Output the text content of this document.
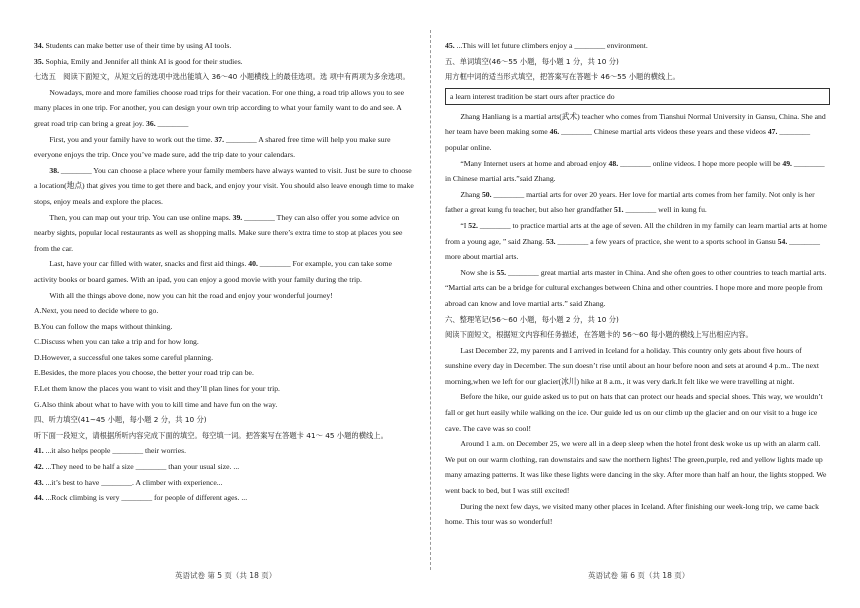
34. Students can make better use of their time by using AI tools.

35. Sophia, Emily and Jennifer all think AI is good for their studies.

七选五　阅读下面短文，从短文后的选项中选出能填入 36～40 小题横线上的最佳选项。选 项中有两项为多余选项。

Nowadays, more and more families choose road trips for their vacation. For one thing, a road trip allows you to see many places in one trip. For another, you can design your own trip according to what your family want to do and see. A great road trip can bring a great joy. 36. ________

First, you and your family have to work out the time. 37. ________ A shared free time will help you make sure everyone enjoys the trip. Once you’ve made sure, add the trip date to your calendars.

38. ________ You can choose a place where your family members have always wanted to visit. Just be sure to choose a location(地点) that gives you time to get there and back, and enjoy your visit. You should also leave enough time to make stops, enjoy meals and explore the places.

Then, you can map out your trip. You can use online maps. 39. ________ They can also offer you some advice on nearby sights, popular local restaurants as well as shopping malls. Make sure there’s extra time to stop at places you see from the car.

Last, have your car filled with water, snacks and first aid things. 40. ________ For example, you can take some activity books or board games. With an ipad, you can enjoy a good movie with your family during the trip.

With all the things above done, now you can hit the road and enjoy your wonderful journey!

A.Next, you need to decide where to go.

B.You can follow the maps without thinking.

C.Discuss when you can take a trip and for how long.

D.However, a successful one takes some careful planning.

E.Besides, the more places you choose, the better your road trip can be.

F.Let them know the places you want to visit and they’ll plan lines for your trip.

G.Also think about what to have with you to kill time and have fun on the way.

四、听力填空(41~45 小题，每小题 2 分，共 10 分)

听下面一段短文，请根据所听内容完成下面的填空。每空填一词。把答案写在答题卡 41～ 45 小题的横线上。

41. ...it also helps people ________ their worries.

42. ...They need to be half a size ________ than your usual size. ...

43. ...it’s best to have ________. A climber with experience...

44. ...Rock climbing is very ________ for people of different ages. ...

45. ...This will let future climbers enjoy a ________ environment.

五、单词填空(46～55 小题，每小题 1 分，共 10 分)

用方框中词的适当形式填空，把答案写在答题卡 46～55 小题的横线上。

a learn interest tradition be start ours after practice do

Zhang Hanliang is a martial arts(武术) teacher who comes from Tianshui Normal University in Gansu, China. She and her team have been making some 46. ________ Chinese martial arts videos these years and these videos 47. ________ popular online.

“Many Internet users at home and abroad enjoy 48. ________ online videos. I hope more people will be 49. ________ in Chinese martial arts.”said Zhang.

Zhang 50. ________ martial arts for over 20 years. Her love for martial arts comes from her family. Not only is her father a great kung fu teacher, but also her grandfather 51. ________ well in kung fu.

“I 52. ________ to practice martial arts at the age of seven. All the children in my family can learn martial arts at home from a young age, ” said Zhang. 53. ________ a few years of practice, she went to a sports school in Gansu 54. ________ more about martial arts.

Now she is 55. ________ great martial arts master in China. And she often goes to other countries to teach martial arts. “Martial arts can be a bridge for cultural exchanges between China and other countries. I hope more and more people from abroad can know and love martial arts.” said Zhang.

六、整理笔记(56～60 小题，每小题 2 分，共 10 分)

阅读下面短文，根据短文内容和任务描述，在答题卡的 56～60 每小题的横线上写出相应内容。

Last December 22, my parents and I arrived in Iceland for a holiday. This country only gets about five hours of sunshine every day in December. The sun doesn’t rise until about an hour before noon and sets at around 4 p.m.. The next morning,when we left for our glacier(冰川) hike at 8 a.m., it was very dark.It felt like we were travelling at night.

Before the hike, our guide asked us to put on hats that can protect our heads and special shoes. This way, we wouldn’t fall or get hurt easily while walking on the ice. Our guide led us on our climb up the glacier and on our visit to a huge ice cave. The cave was so cool!

Around 1 a.m. on December 25, we were all in a deep sleep when the hotel front desk woke us up with an alarm call. We put on our warm clothing, ran downstairs and saw the northern lights! The green,purple, red and yellow lights made up many amazing patterns. It was like these lights were dancing in the sky. After more than half an hour, the lights stopped. We went back to bed, but I was still excited!

During the next few days, we visited many other places in Iceland. After finishing our week-long trip, we came back home. This tour was so wonderful!

英语试卷 第 5 页（共 18 页）	英语试卷 第 6 页（共 18 页）
